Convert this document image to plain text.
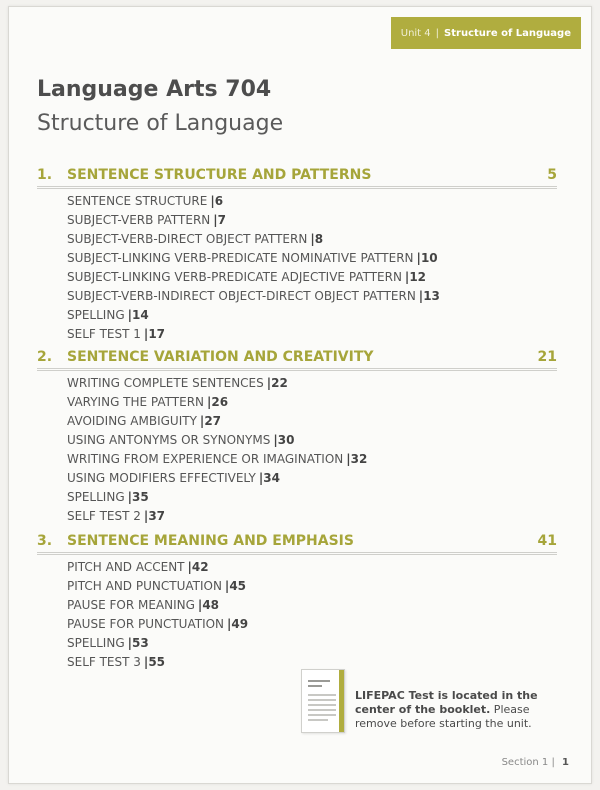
Unit 4 | Structure of Language
Language Arts 704
Structure of Language
1. SENTENCE STRUCTURE AND PATTERNS	5
SENTENCE STRUCTURE |6
SUBJECT-VERB PATTERN |7
SUBJECT-VERB-DIRECT OBJECT PATTERN |8
SUBJECT-LINKING VERB-PREDICATE NOMINATIVE PATTERN |10
SUBJECT-LINKING VERB-PREDICATE ADJECTIVE PATTERN |12
SUBJECT-VERB-INDIRECT OBJECT-DIRECT OBJECT PATTERN |13
SPELLING |14
SELF TEST 1 |17
2. SENTENCE VARIATION AND CREATIVITY	21
WRITING COMPLETE SENTENCES |22
VARYING THE PATTERN |26
AVOIDING AMBIGUITY |27
USING ANTONYMS OR SYNONYMS |30
WRITING FROM EXPERIENCE OR IMAGINATION |32
USING MODIFIERS EFFECTIVELY |34
SPELLING |35
SELF TEST 2 |37
3. SENTENCE MEANING AND EMPHASIS	41
PITCH AND ACCENT |42
PITCH AND PUNCTUATION |45
PAUSE FOR MEANING |48
PAUSE FOR PUNCTUATION |49
SPELLING |53
SELF TEST 3 |55
LIFEPAC Test is located in the center of the booklet. Please remove before starting the unit.
Section 1 | 1
